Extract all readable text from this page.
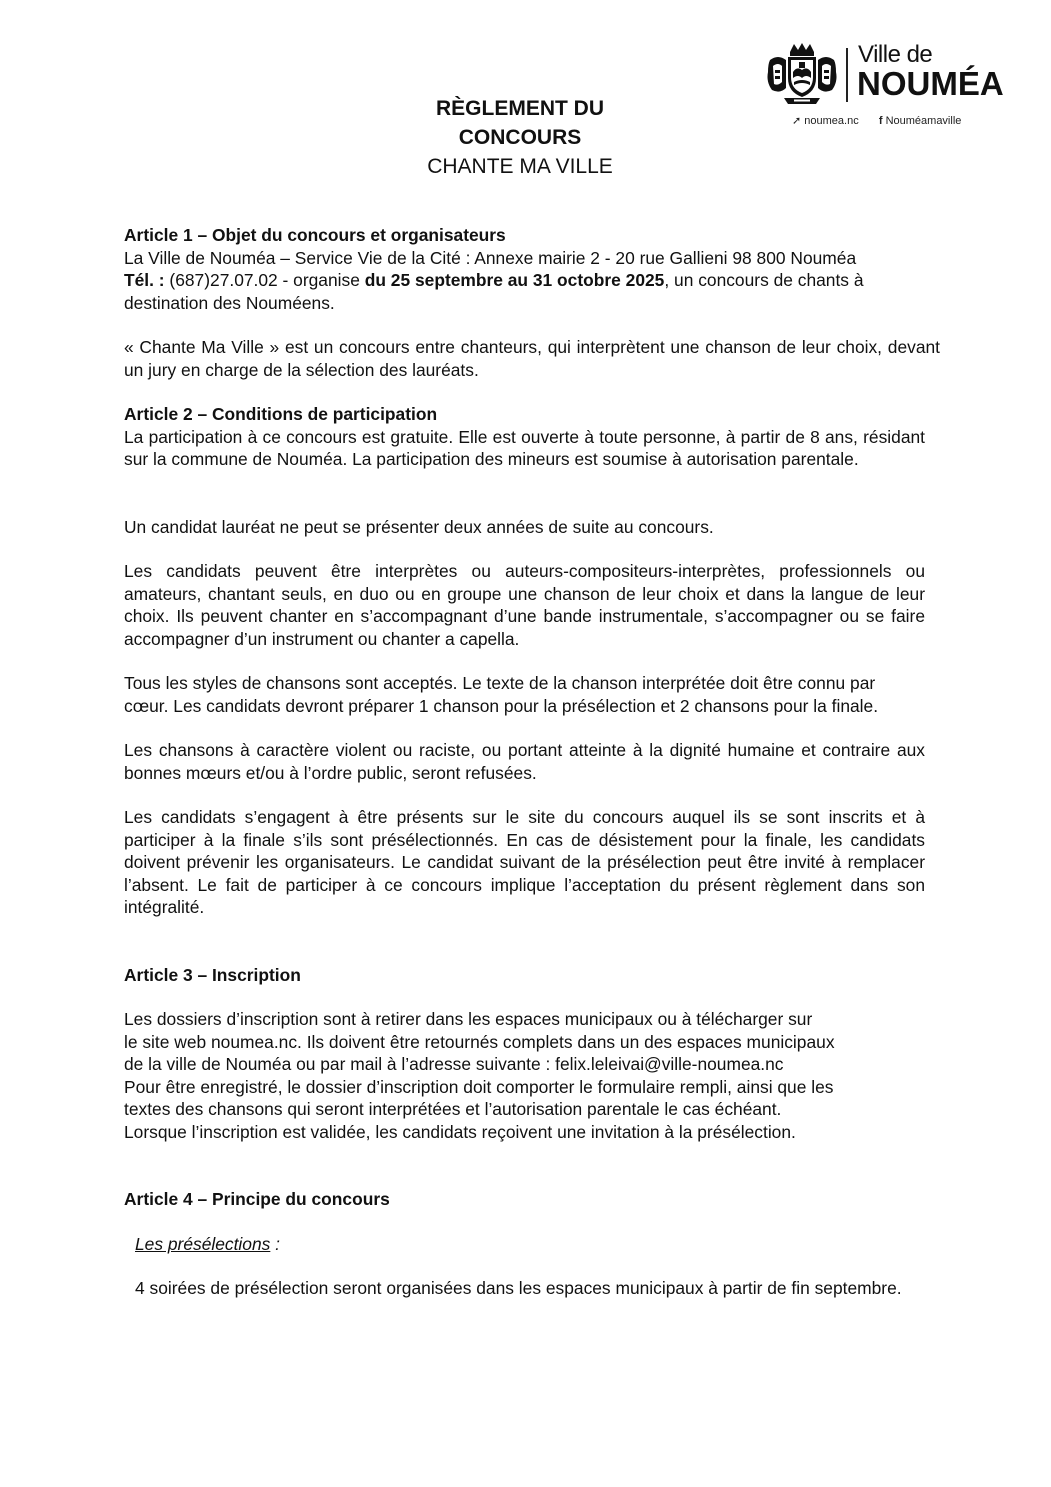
RÈGLEMENT DU
CONCOURS
CHANTE MA VILLE
Ville de
NOUMÉA
➚ noumea.nc f Nouméamaville

Article 1 – Objet du concours et organisateurs

La Ville de Nouméa – Service Vie de la Cité : Annexe mairie 2 - 20 rue Gallieni 98 800 Nouméa

Tél. : (687)27.07.02 - organise du 25 septembre au 31 octobre 2025, un concours de chants à destination des Nouméens.

« Chante Ma Ville » est un concours entre chanteurs, qui interprètent une chanson de leur choix, devant un jury en charge de la sélection des lauréats.

Article 2 – Conditions de participation

La participation à ce concours est gratuite. Elle est ouverte à toute personne, à partir de 8 ans, résidant sur la commune de Nouméa. La participation des mineurs est soumise à autorisation parentale.

Un candidat lauréat ne peut se présenter deux années de suite au concours.

Les candidats peuvent être interprètes ou auteurs-compositeurs-interprètes, professionnels ou amateurs, chantant seuls, en duo ou en groupe une chanson de leur choix et dans la langue de leur choix. Ils peuvent chanter en s’accompagnant d’une bande instrumentale, s’accompagner ou se faire accompagner d’un instrument ou chanter a capella.

Tous les styles de chansons sont acceptés. Le texte de la chanson interprétée doit être connu par cœur. Les candidats devront préparer 1 chanson pour la présélection et 2 chansons pour la finale.

Les chansons à caractère violent ou raciste, ou portant atteinte à la dignité humaine et contraire aux bonnes mœurs et/ou à l’ordre public, seront refusées.

Les candidats s’engagent à être présents sur le site du concours auquel ils se sont inscrits et à participer à la finale s’ils sont présélectionnés. En cas de désistement pour la finale, les candidats doivent prévenir les organisateurs. Le candidat suivant de la présélection peut être invité à remplacer l’absent. Le fait de participer à ce concours implique l’acceptation du présent règlement dans son intégralité.

Article 3 – Inscription

Les dossiers d’inscription sont à retirer dans les espaces municipaux ou à télécharger sur

le site web noumea.nc. Ils doivent être retournés complets dans un des espaces municipaux

de la ville de Nouméa ou par mail à l’adresse suivante : felix.leleivai@ville-noumea.nc

Pour être enregistré, le dossier d’inscription doit comporter le formulaire rempli, ainsi que les

textes des chansons qui seront interprétées et l’autorisation parentale le cas échéant.

Lorsque l’inscription est validée, les candidats reçoivent une invitation à la présélection.

Article 4 – Principe du concours

Les présélections :

4 soirées de présélection seront organisées dans les espaces municipaux à partir de fin septembre.
